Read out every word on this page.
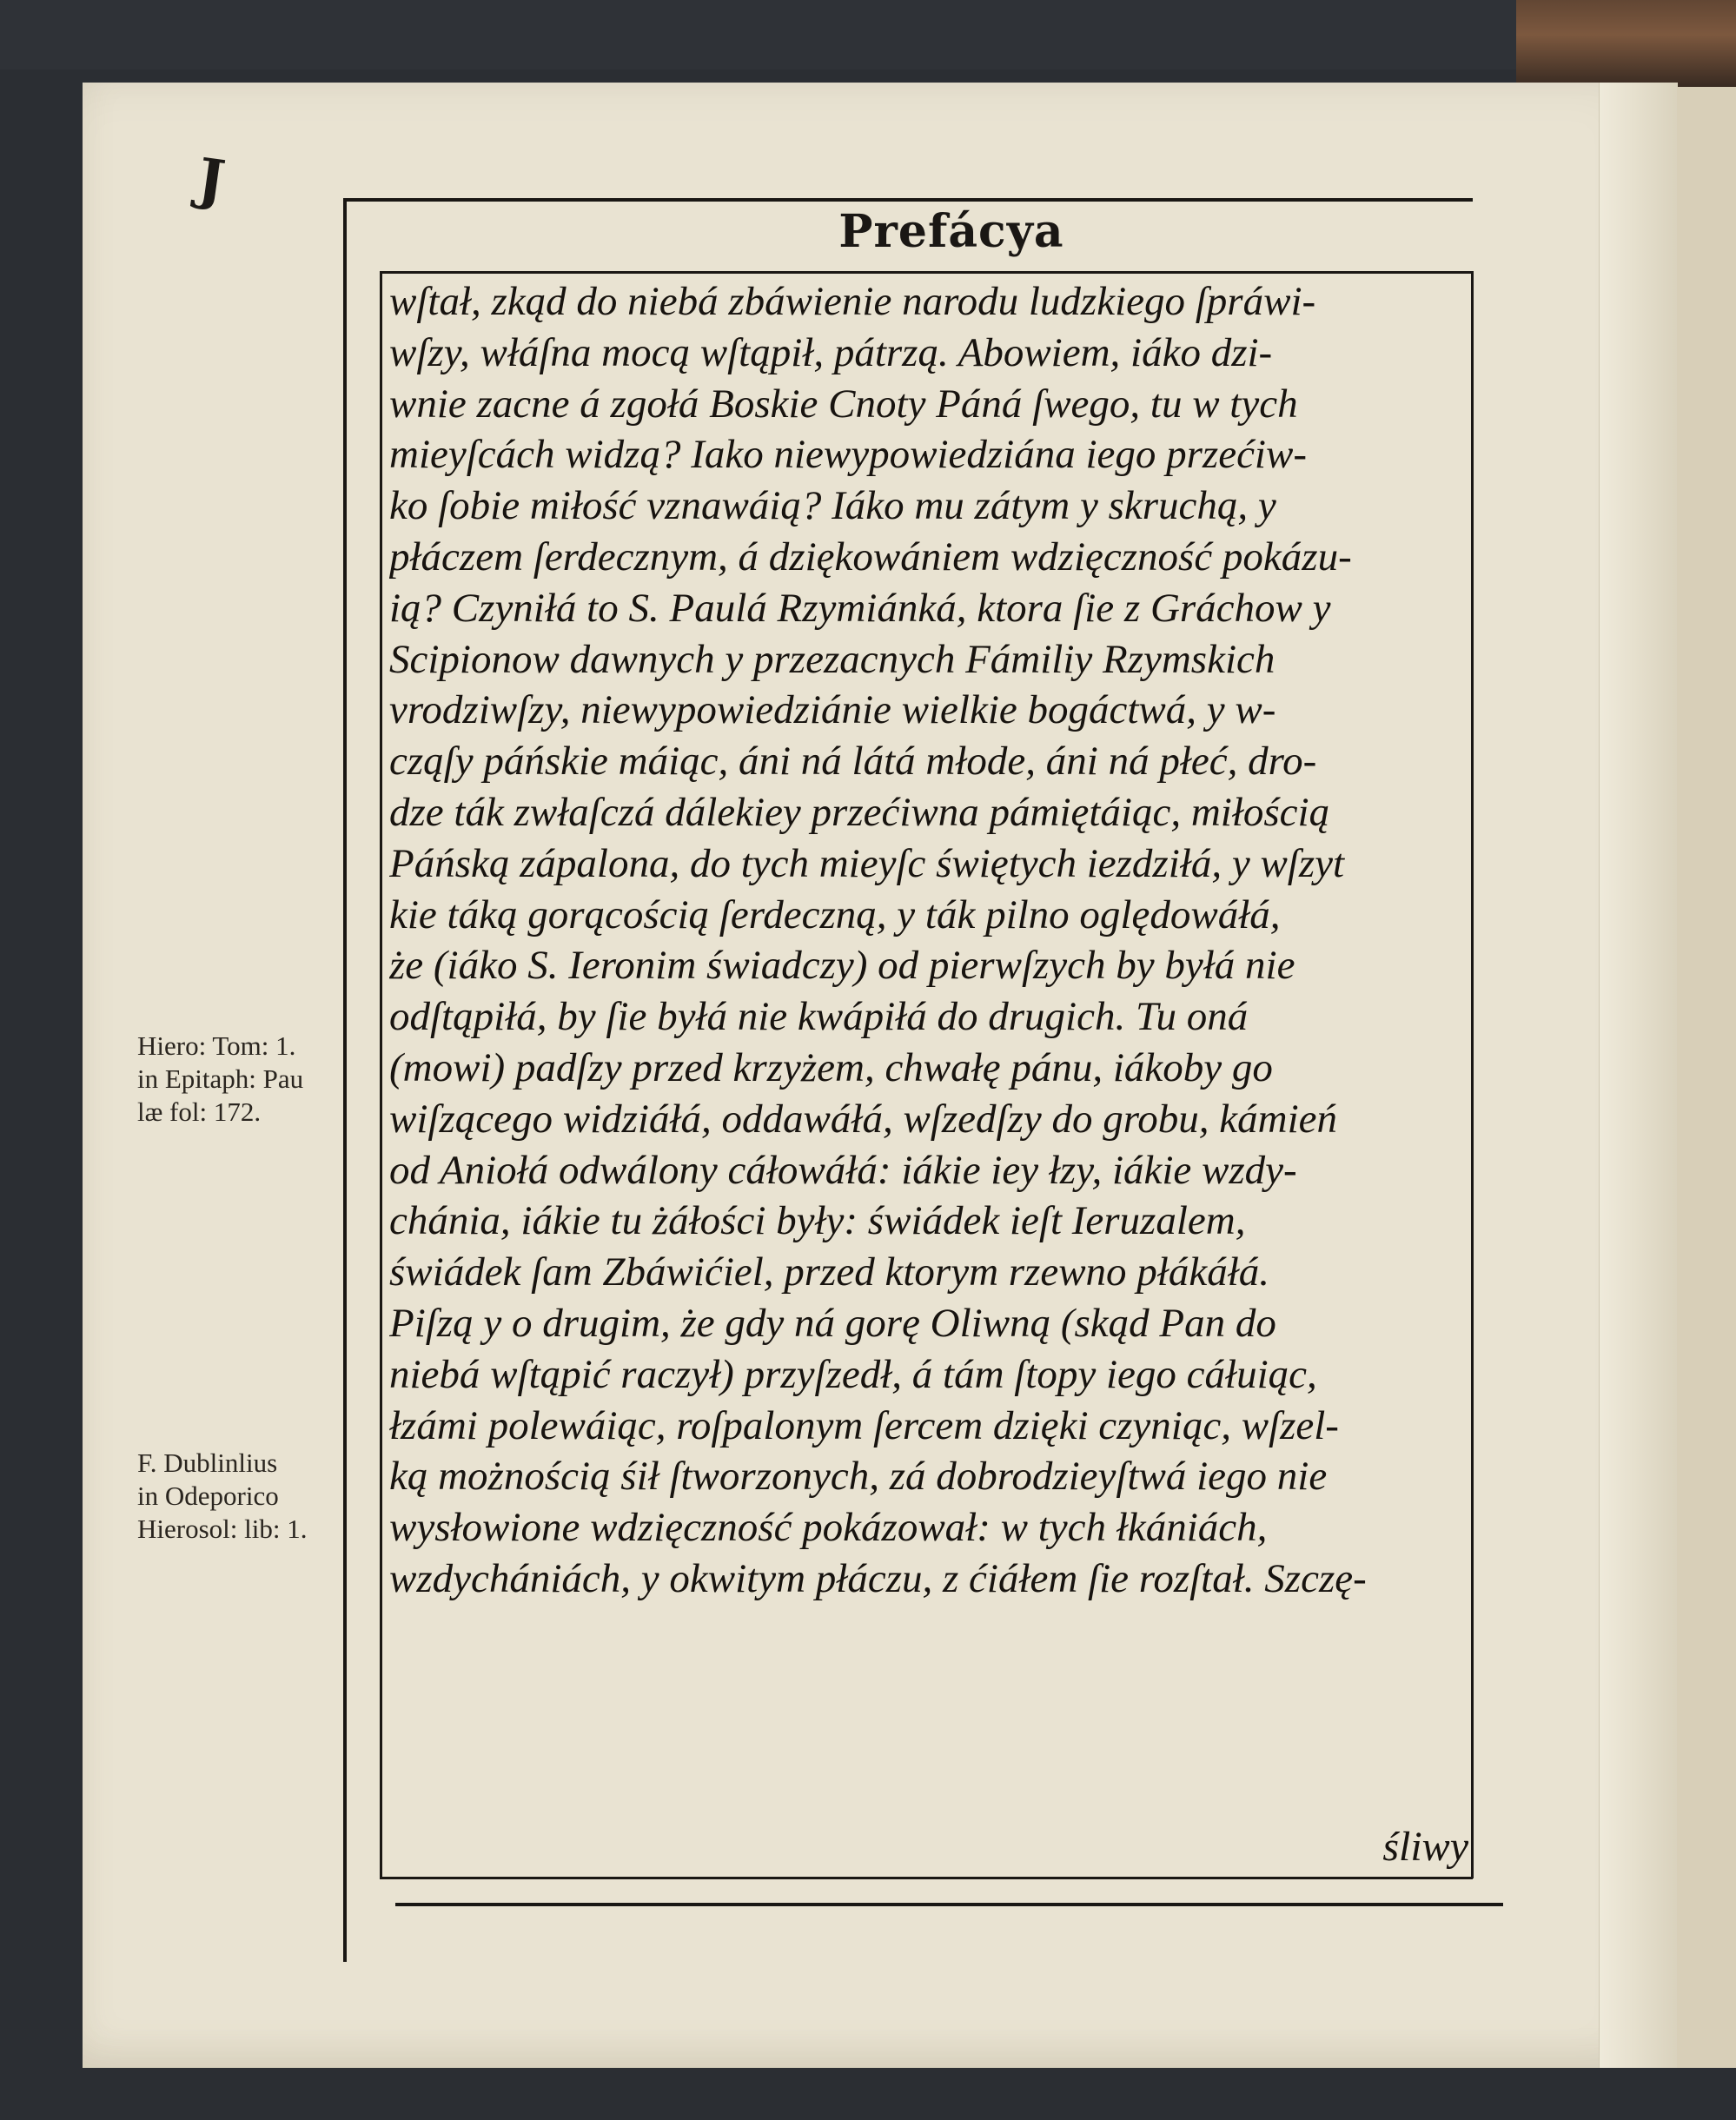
J
Prefácya
wſtał, zkąd do niebá zbáwienie narodu ludzkiego ſpráwi-
wſzy, włáſna mocą wſtąpił, pátrzą. Abowiem, iáko dzi-
wnie zacne á zgołá Boskie Cnoty Páná ſwego, tu w tych
mieyſcách widzą? Iako niewypowiedziána iego przećiw-
ko ſobie miłość vznawáią? Iáko mu zátym y skruchą, y
płáczem ſerdecznym, á dziękowániem wdzięczność pokázu-
ią? Czyniłá to S. Paulá Rzymiánká, ktora ſie z Gráchow y
Scipionow dawnych y przezacnych Fámiliy Rzymskich
vrodziwſzy, niewypowiedziánie wielkie bogáctwá, y w-
cząſy páńskie máiąc, áni ná látá młode, áni ná płeć, dro-
dze ták zwłaſczá dálekiey przećiwna pámiętáiąc, miłością
Páńską zápalona, do tych mieyſc świętych iezdziłá, y wſzyt
kie táką gorącością ſerdeczną, y ták pilno oględowáłá,
że (iáko S. Ieronim świadczy) od pierwſzych by byłá nie
odſtąpiłá, by ſie byłá nie kwápiłá do drugich. Tu oná
(mowi) padſzy przed krzyżem, chwałę pánu, iákoby go
wiſzącego widziáłá, oddawáłá, wſzedſzy do grobu, kámień
od Aniołá odwálony cáłowáłá: iákie iey łzy, iákie wzdy-
chánia, iákie tu żáłości były: świádek ieſt Ieruzalem,
świádek ſam Zbáwićiel, przed ktorym rzewno płákáłá.
Piſzą y o drugim, że gdy ná gorę Oliwną (skąd Pan do
niebá wſtąpić raczył) przyſzedł, á tám ſtopy iego cáłuiąc,
łzámi polewáiąc, roſpalonym ſercem dzięki czyniąc, wſzel-
ką możnością śił ſtworzonych, zá dobrodzieyſtwá iego nie
wysłowione wdzięczność pokázował: w tych łkániách,
wzdychániách, y okwitym płáczu, z ćiáłem ſie rozſtał. Szczę-
śliwy
Hiero: Tom: 1.
in Epitaph: Pau
læ fol: 172.
F. Dublinlius
in Odeporico
Hierosol: lib: 1.
